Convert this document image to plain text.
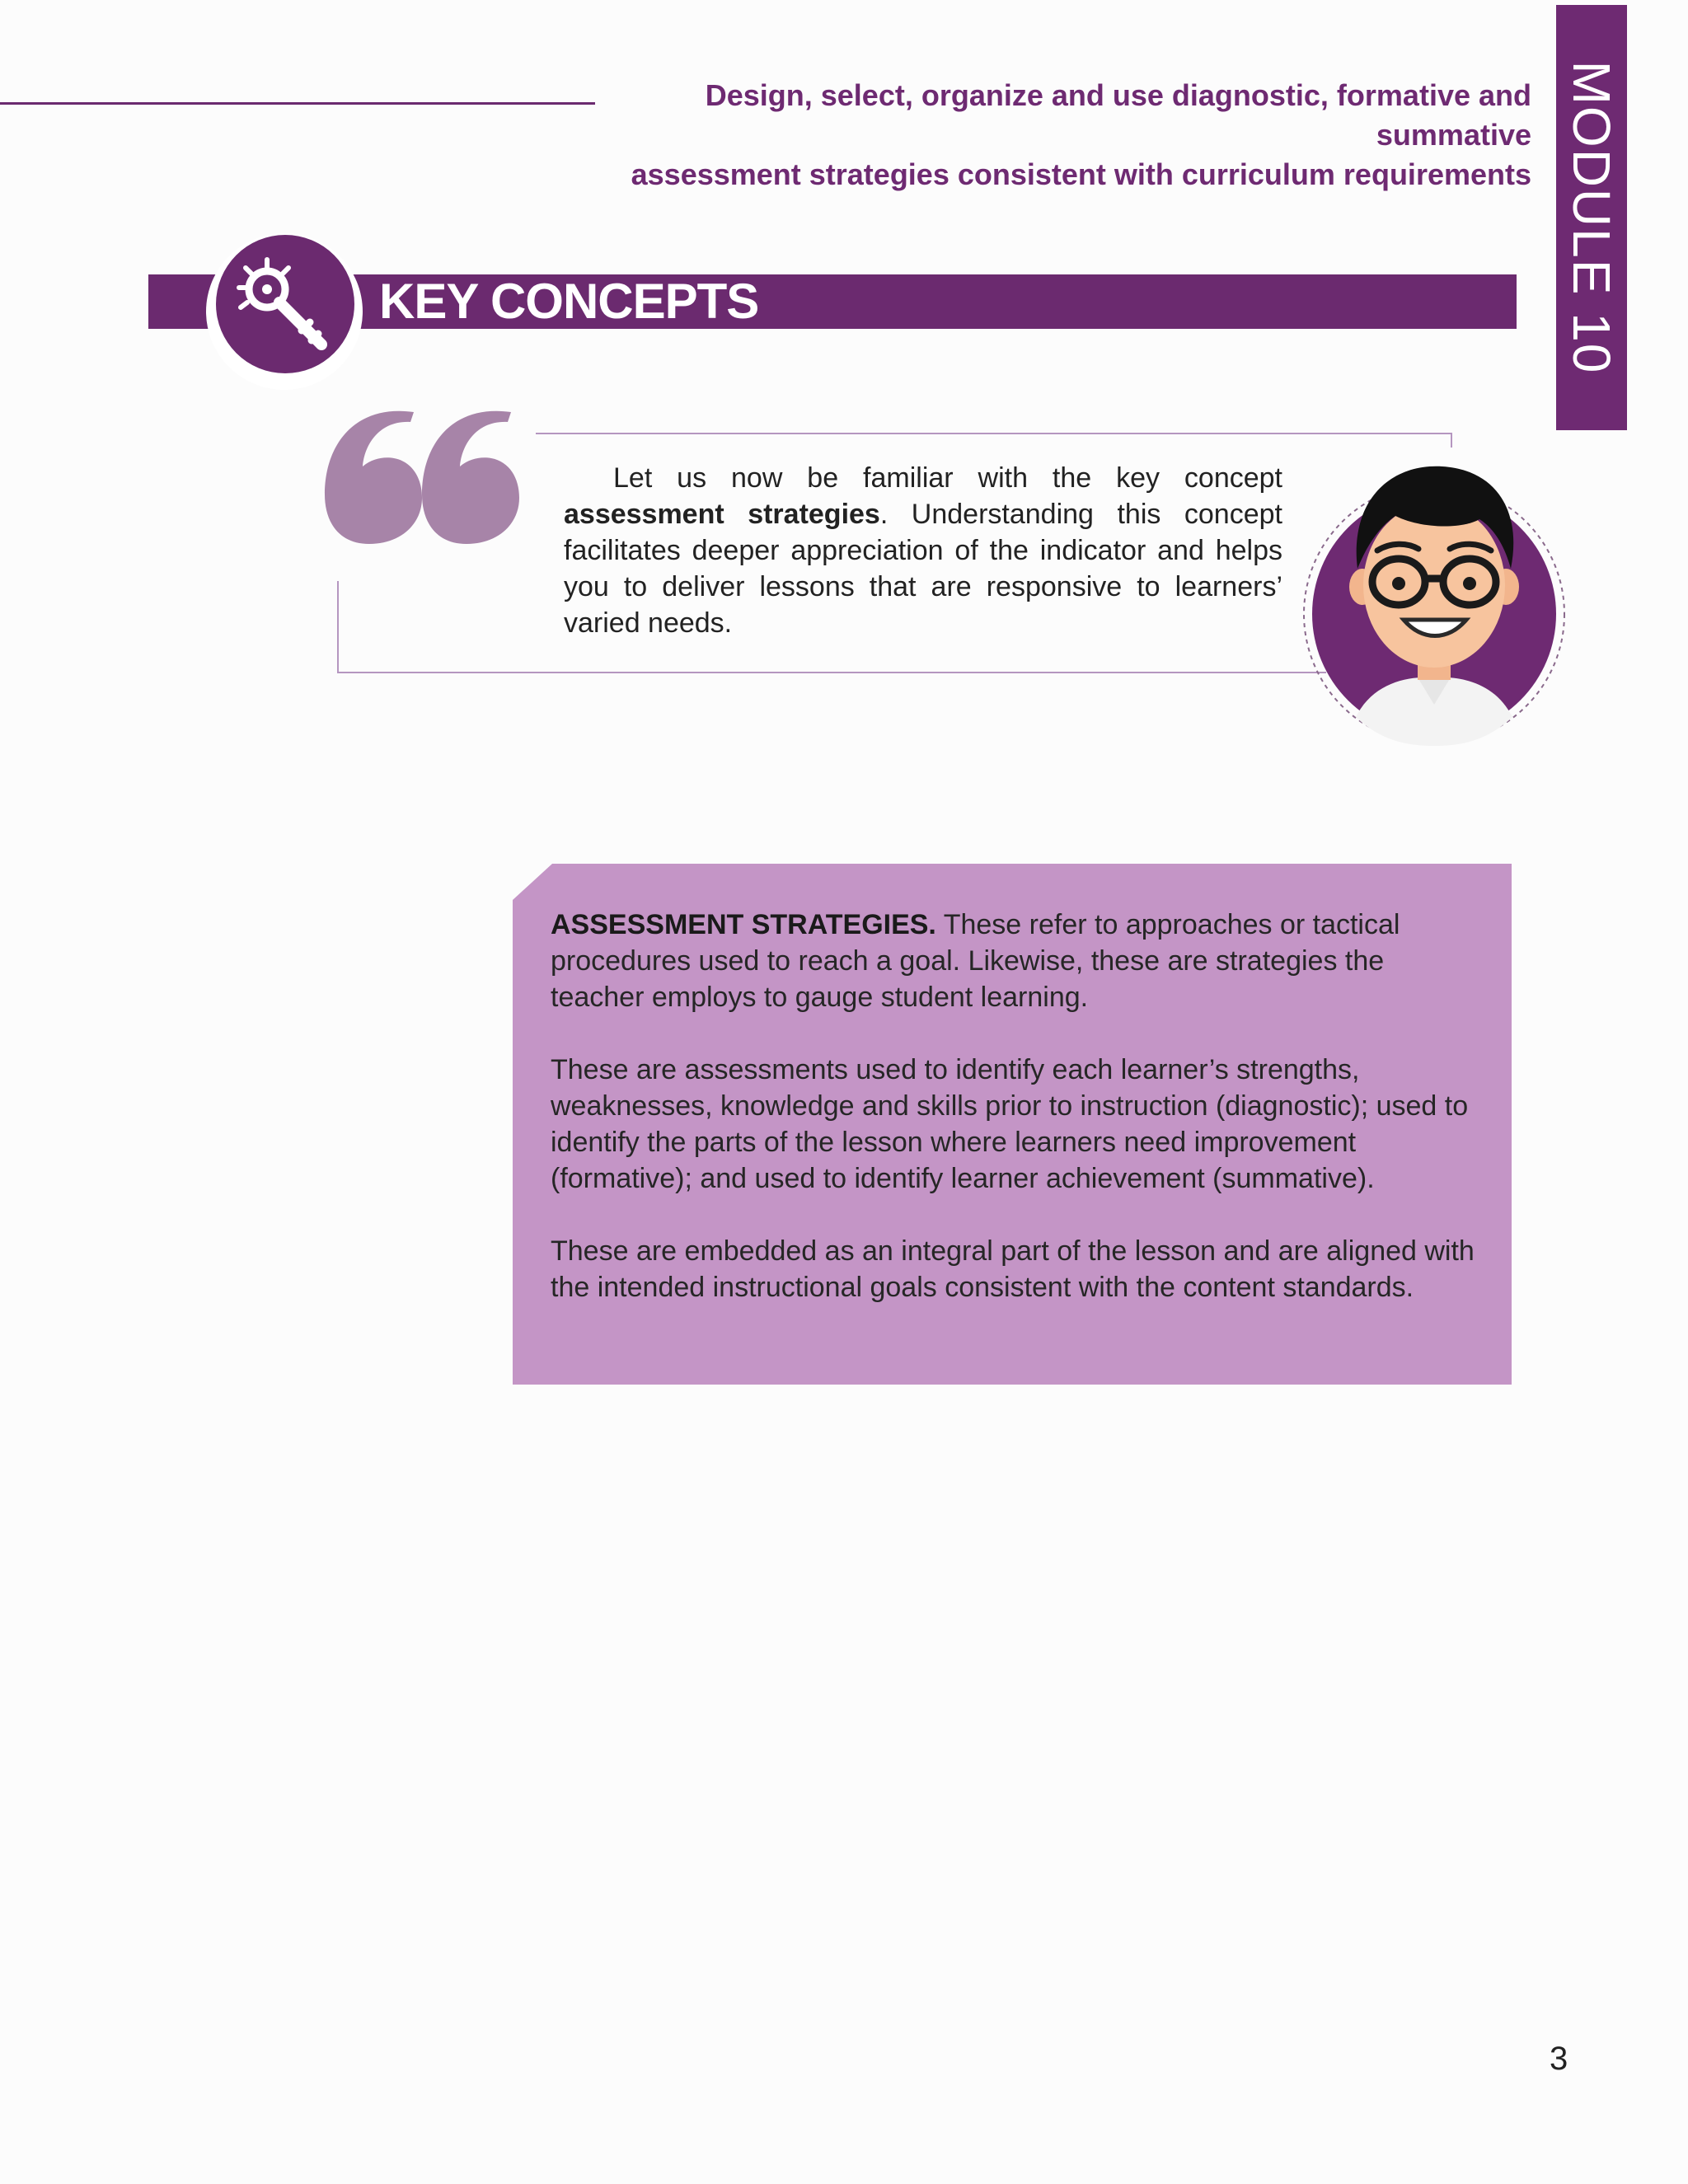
Design, select, organize and use diagnostic, formative and summative
assessment strategies consistent with curriculum requirements MODULE 10
KEY CONCEPTS
Let us now be familiar with the key concept assessment strategies. Understanding this concept facilitates deeper appreciation of the indicator and helps you to deliver lessons that are responsive to learners’ varied needs.

ASSESSMENT STRATEGIES. These refer to approaches or tactical procedures used to reach a goal. Likewise, these are strategies the teacher employs to gauge student learning.

These are assessments used to identify each learner’s strengths, weaknesses, knowledge and skills prior to instruction (diagnostic); used to identify the parts of the lesson where learners need improvement (formative); and used to identify learner achievement (summative).

These are embedded as an integral part of the lesson and are aligned with the intended instructional goals consistent with the content standards.

3
